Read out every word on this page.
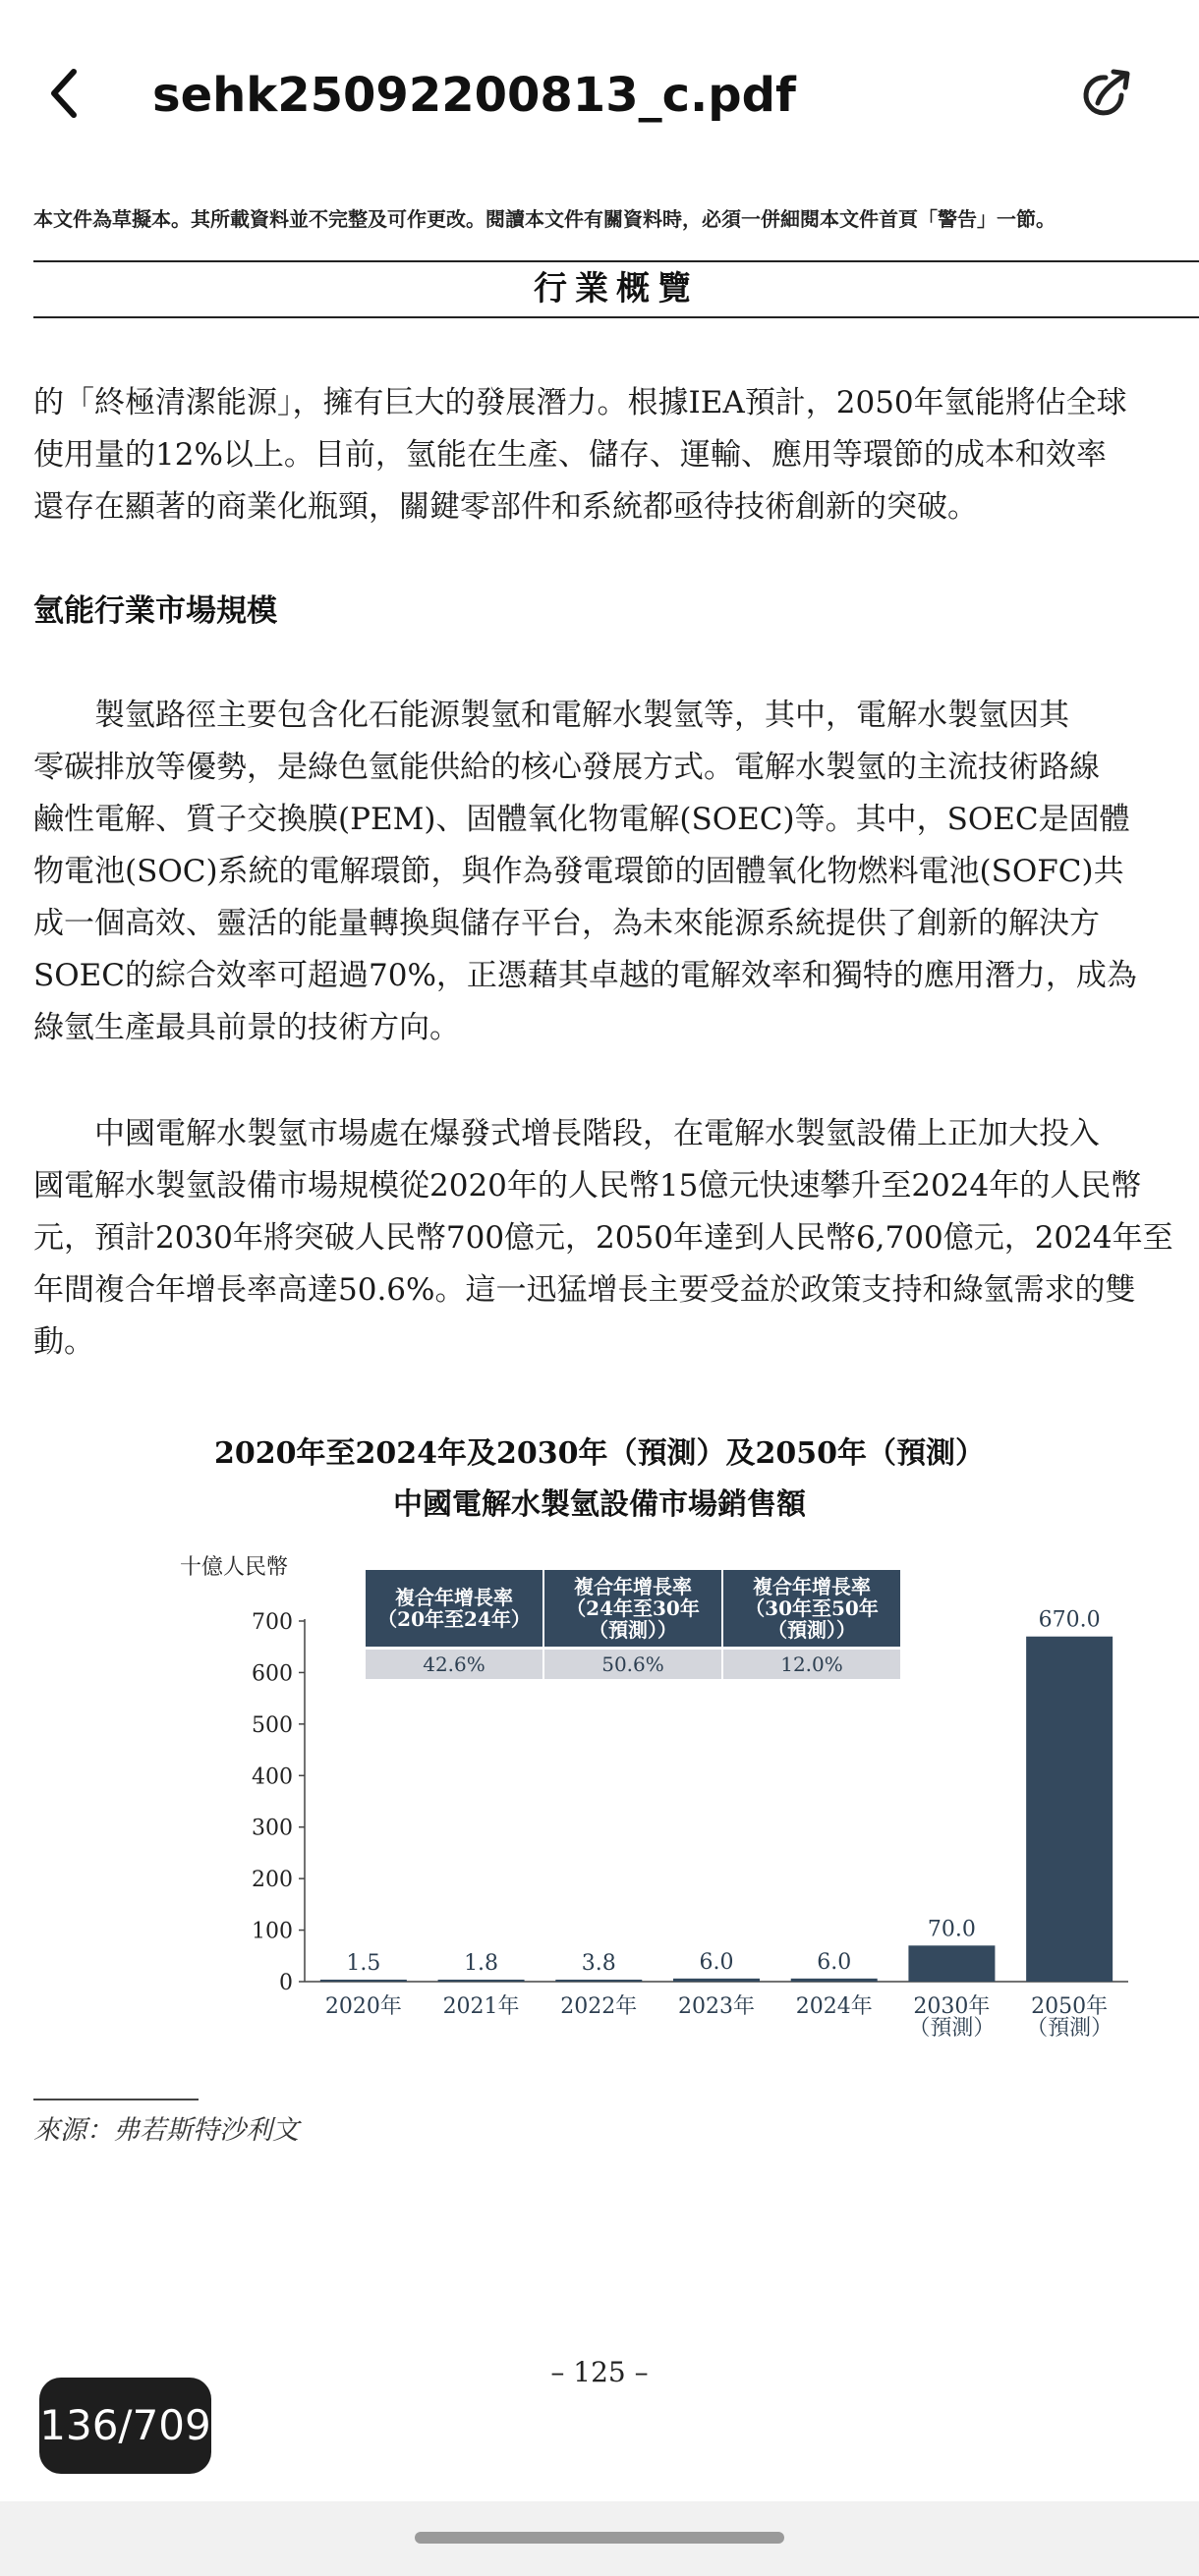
sehk25092200813_c.pdf
本文件為草擬本。其所載資料並不完整及可作更改。閱讀本文件有關資料時，必須一併細閱本文件首頁「警告」一節。
行業概覽
的「終極清潔能源」，擁有巨大的發展潛力。根據IEA預計，2050年氫能將佔全球
使用量的12%以上。目前，氫能在生產、儲存、運輸、應用等環節的成本和效率
還存在顯著的商業化瓶頸，關鍵零部件和系統都亟待技術創新的突破。
氫能行業市場規模
　　製氫路徑主要包含化石能源製氫和電解水製氫等，其中，電解水製氫因其
零碳排放等優勢，是綠色氫能供給的核心發展方式。電解水製氫的主流技術路線
鹼性電解、質子交換膜(PEM)、固體氧化物電解(SOEC)等。其中，SOEC是固體
物電池(SOC)系統的電解環節，與作為發電環節的固體氧化物燃料電池(SOFC)共
成一個高效、靈活的能量轉換與儲存平台，為未來能源系統提供了創新的解決方
SOEC的綜合效率可超過70%，正憑藉其卓越的電解效率和獨特的應用潛力，成為
綠氫生產最具前景的技術方向。
　　中國電解水製氫市場處在爆發式增長階段，在電解水製氫設備上正加大投入
國電解水製氫設備市場規模從2020年的人民幣15億元快速攀升至2024年的人民幣
元，預計2030年將突破人民幣700億元，2050年達到人民幣6,700億元，2024年至
年間複合年增長率高達50.6%。這一迅猛增長主要受益於政策支持和綠氫需求的雙
動。
2020年至2024年及2030年（預測）及2050年（預測）
中國電解水製氫設備市場銷售額
十億人民幣
0
100
200
300
400
500
600
700
1.5
2020年
1.8
2021年
3.8
2022年
6.0
2023年
6.0
2024年
70.0
2030年
（預測）
670.0
2050年
（預測）
複合年增長率
（20年至24年）
42.6%
複合年增長率
（24年至30年
（預測））
50.6%
複合年增長率
（30年至50年
（預測））
12.0%
來源：弗若斯特沙利文
– 125 –
136/709
